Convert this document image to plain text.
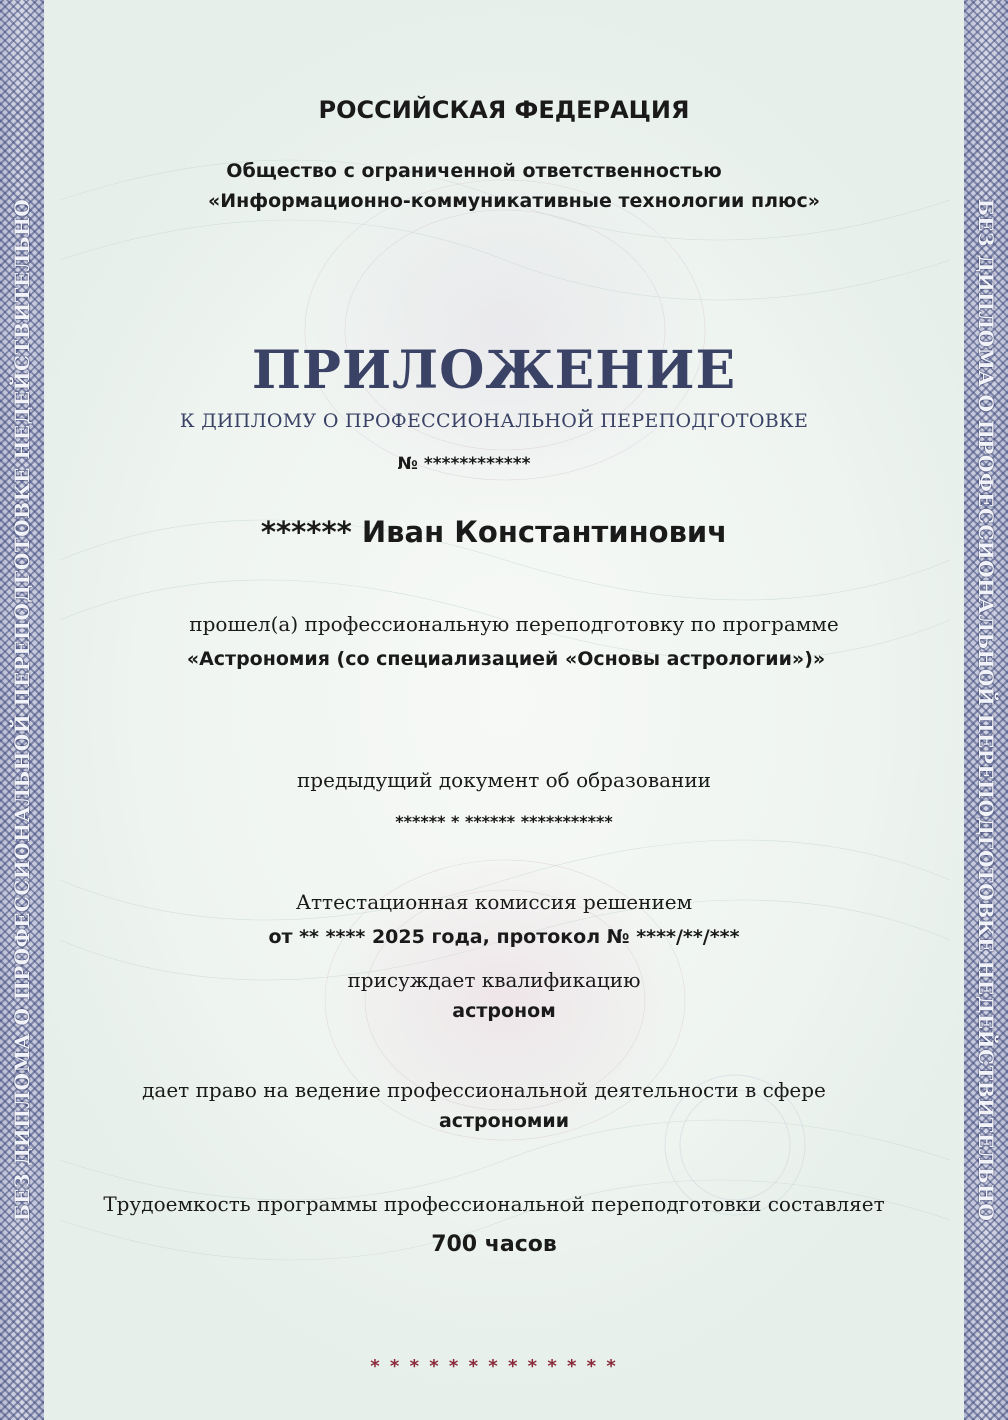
БЕЗ ДИПЛОМА О ПРОФЕССИОНАЛЬНОЙ ПЕРЕПОДГОТОВКЕ НЕДЕЙСТВИТЕЛЬНО	БЕЗ ДИПЛОМА О ПРОФЕССИОНАЛЬНОЙ ПЕРЕПОДГОТОВКЕ НЕДЕЙСТВИТЕЛЬНО

РОССИЙСКАЯ ФЕДЕРАЦИЯ

Общество с ограниченной ответственностью

«Информационно-коммуникативные технологии плюс»

ПРИЛОЖЕНИЕ

К ДИПЛОМУ О ПРОФЕССИОНАЛЬНОЙ ПЕРЕПОДГОТОВКЕ

№ ************

****** Иван Константинович

прошел(а) профессиональную переподготовку по программе

«Астрономия (со специализацией «Основы астрологии»)»

предыдущий документ об образовании

****** * ****** ***********

Аттестационная комиссия решением

от ** **** 2025 года, протокол № ****/**/***

присуждает квалификацию

астроном

дает право на ведение профессиональной деятельности в сфере

астрономии

Трудоемкость программы профессиональной переподготовки составляет

700 часов

* * * * * * * * * * * * *
